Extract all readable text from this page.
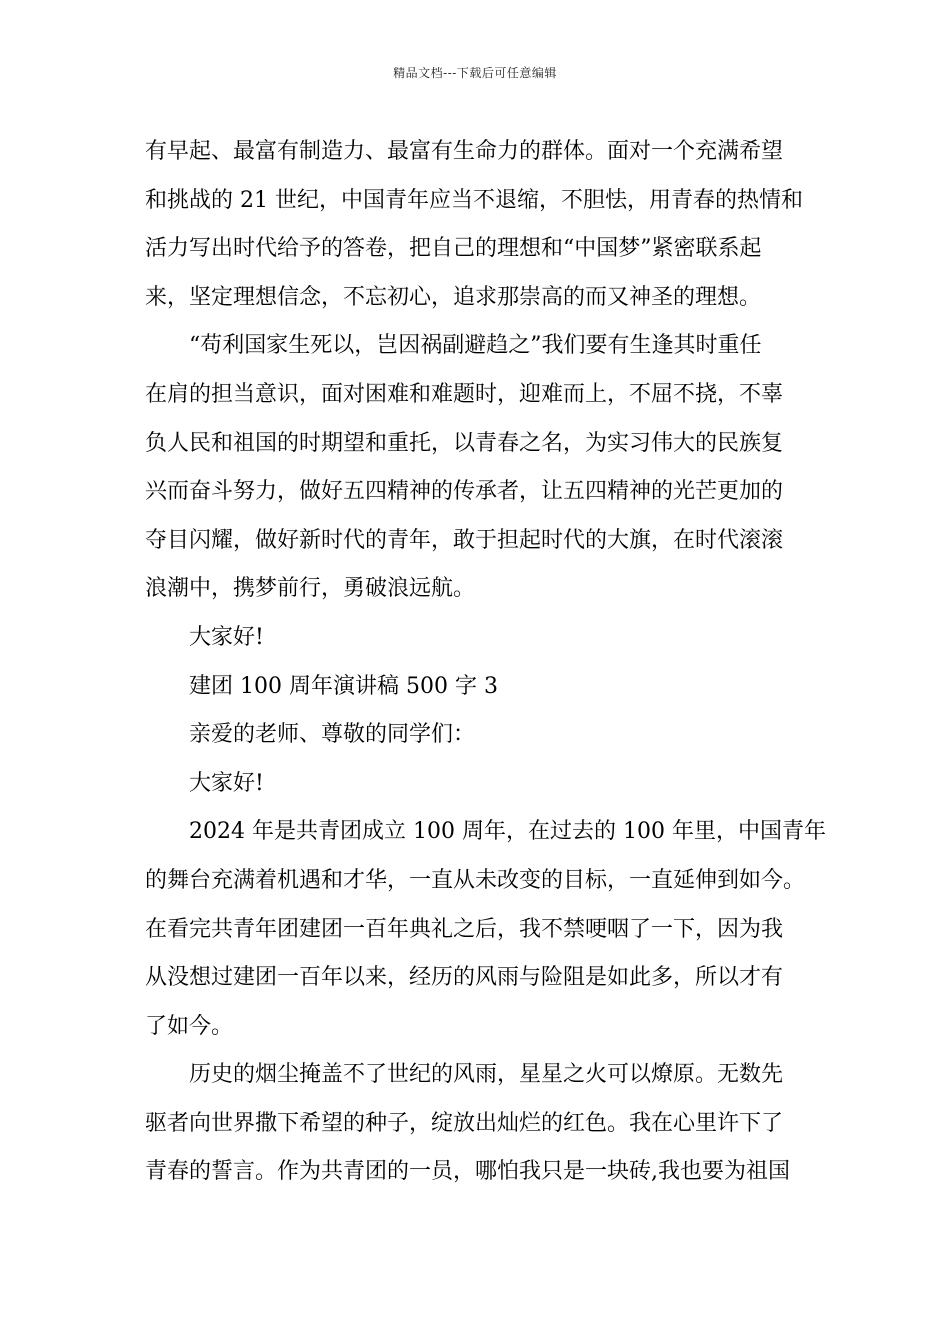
精品文档---下载后可任意编辑
有早起、最富有制造力、最富有生命力的群体。面对一个充满希望
和挑战的 21 世纪，中国青年应当不退缩，不胆怯，用青春的热情和
活力写出时代给予的答卷，把自己的理想和“中国梦”紧密联系起
来，坚定理想信念，不忘初心，追求那崇高的而又神圣的理想。
“苟利国家生死以，岂因祸副避趋之”我们要有生逢其时重任
在肩的担当意识，面对困难和难题时，迎难而上，不屈不挠，不辜
负人民和祖国的时期望和重托，以青春之名，为实习伟大的民族复
兴而奋斗努力，做好五四精神的传承者，让五四精神的光芒更加的
夺目闪耀，做好新时代的青年，敢于担起时代的大旗，在时代滚滚
浪潮中，携梦前行，勇破浪远航。
大家好!
建团 100 周年演讲稿 500 字 3
亲爱的老师、尊敬的同学们：
大家好!
2024 年是共青团成立 100 周年，在过去的 100 年里，中国青年
的舞台充满着机遇和才华，一直从未改变的目标，一直延伸到如今。
在看完共青年团建团一百年典礼之后，我不禁哽咽了一下，因为我
从没想过建团一百年以来，经历的风雨与险阻是如此多，所以才有
了如今。
历史的烟尘掩盖不了世纪的风雨，星星之火可以燎原。无数先
驱者向世界撒下希望的种子，绽放出灿烂的红色。我在心里许下了
青春的誓言。作为共青团的一员，哪怕我只是一块砖,我也要为祖国
